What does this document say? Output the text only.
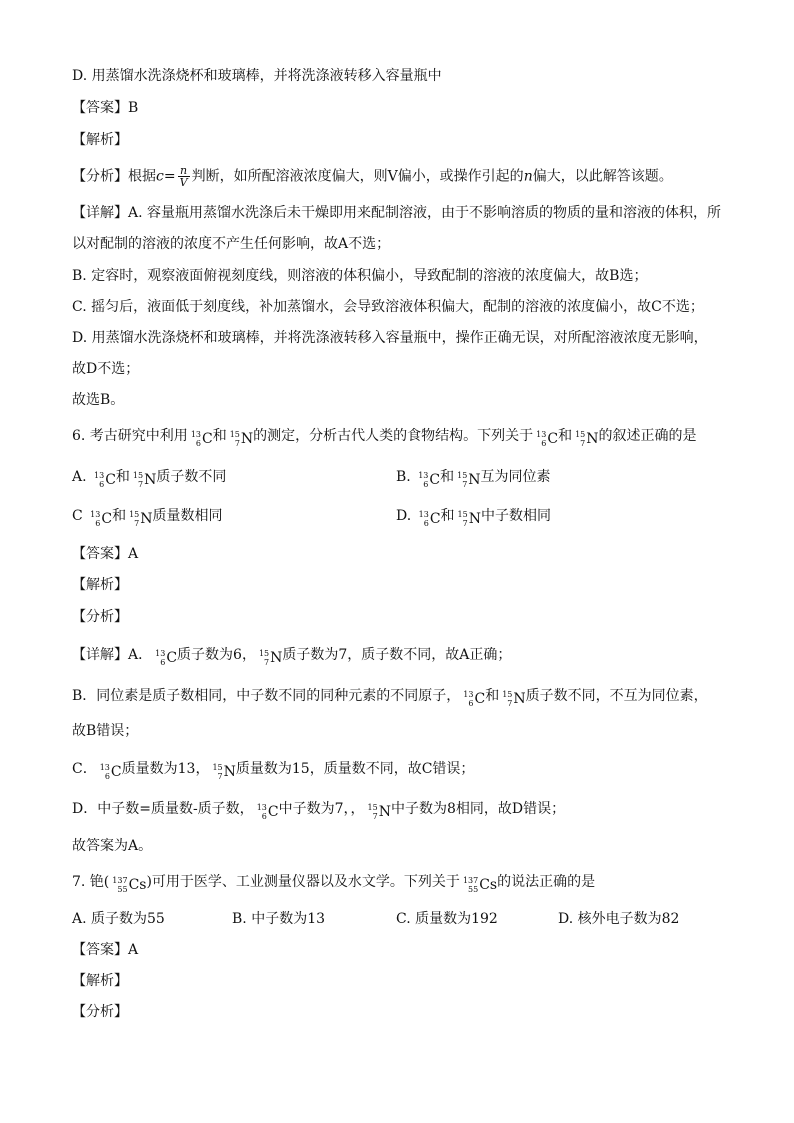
D. 用蒸馏水洗涤烧杯和玻璃棒，并将洗涤液转移入容量瓶中
【答案】B
【解析】
【分析】根据$c= \frac{n}{V}$ 判断，如所配溶液浓度偏大，则V偏小，或操作引起的n偏大，以此解答该题。
【详解】A. 容量瓶用蒸馏水洗涤后未干燥即用来配制溶液，由于不影响溶质的物质的量和溶液的体积，所
以对配制的溶液的浓度不产生任何影响，故A不选；
B. 定容时，观察液面俯视刻度线，则溶液的体积偏小，导致配制的溶液的浓度偏大，故B选；
C. 摇匀后，液面低于刻度线，补加蒸馏水，会导致溶液体积偏大，配制的溶液的浓度偏小，故C不选；
D. 用蒸馏水洗涤烧杯和玻璃棒，并将洗涤液转移入容量瓶中，操作正确无误，对所配溶液浓度无影响，
故D不选；
故选B。
6. 考古研究中利用 13
6 C和 15
7 N的测定，分析古代人类的食物结构。下列关于 13
6 C和 15
7 N的叙述正确的是
A. 13
6 C和 15
7 N质子数不同	B. 13
6 C和 15
7 N互为同位素
C 13
6 C和 15
7 N质量数相同	D. 13
6 C和 15
7 N中子数相同
【答案】A
【解析】
【分析】
【详解】A． 13
6 C质子数为6， 15
7 N质子数为7，质子数不同，故A正确；
B．同位素是质子数相同，中子数不同的同种元素的不同原子， 13
6 C和 15
7 N质子数不同，不互为同位素，
故B错误；
C． 13
6 C质量数为13， 15
7 N质量数为15，质量数不同，故C错误；
D．中子数=质量数-质子数， 13
6 C中子数为7，， 15
7 N中子数为8相同，故D错误；
故答案为A。
7. 铯( 137
55 Cs)可用于医学、工业测量仪器以及水文学。下列关于 137
55 Cs的说法正确的是
A. 质子数为55	B. 中子数为13	C. 质量数为192	D. 核外电子数为82
【答案】A
【解析】
【分析】
